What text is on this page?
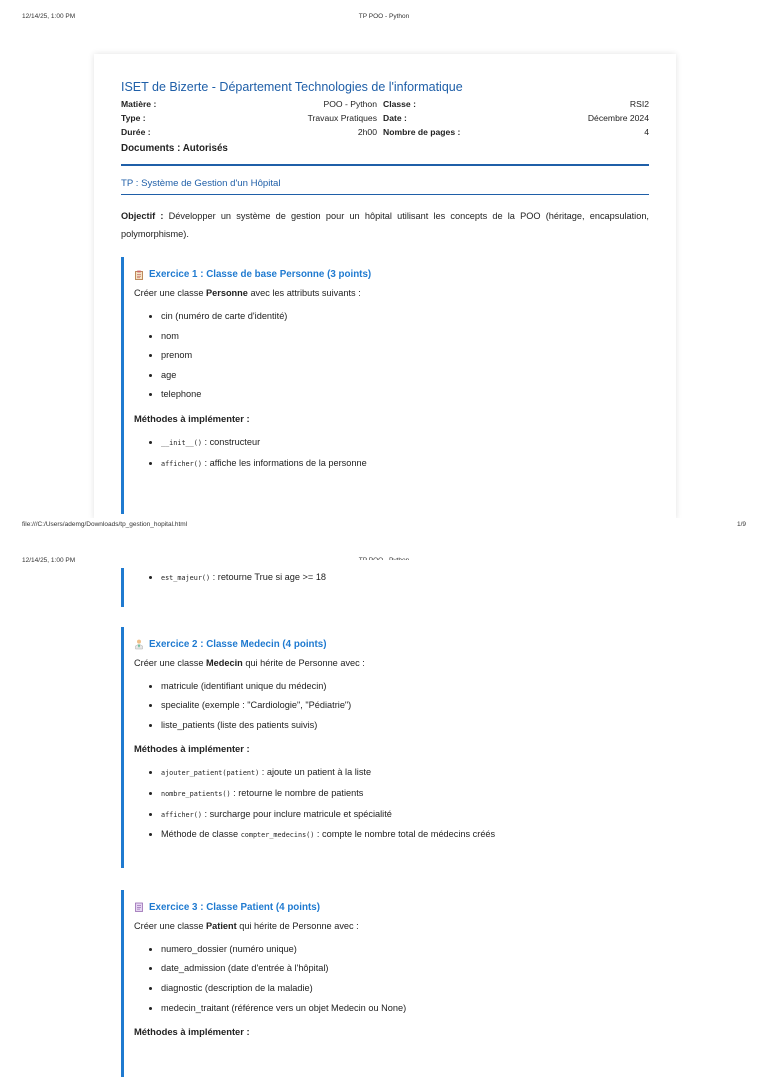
12/14/25, 1:00 PM	TP POO - Python
ISET de Bizerte - Département Technologies de l'informatique
Matière :	POO - Python Classe :	RSI2
Type :	Travaux Pratiques Date :	Décembre 2024
Durée :	2h00 Nombre de pages :	4
Documents : Autorisés
TP : Système de Gestion d'un Hôpital

Objectif : Développer un système de gestion pour un hôpital utilisant les concepts de la POO (héritage, encapsulation, polymorphisme).

Exercice 1 : Classe de base Personne (3 points)

Créer une classe Personne avec les attributs suivants :

• cin (numéro de carte d'identité)
• nom
• prenom
• age
• telephone
Méthodes à implémenter :
• __init__() : constructeur
• afficher() : affiche les informations de la personne
file:///C:/Users/ademg/Downloads/tp_gestion_hopital.html	1/9
12/14/25, 1:00 PM
• est_majeur() : retourne True si age >= 18
Exercice 2 : Classe Medecin (4 points)

Créer une classe Medecin qui hérite de Personne avec :

• matricule (identifiant unique du médecin)
• specialite (exemple : "Cardiologie", "Pédiatrie")
• liste_patients (liste des patients suivis)
Méthodes à implémenter :
• ajouter_patient(patient) : ajoute un patient à la liste
• nombre_patients() : retourne le nombre de patients
• afficher() : surcharge pour inclure matricule et spécialité
• Méthode de classe compter_medecins() : compte le nombre total de médecins créés
Exercice 3 : Classe Patient (4 points)

Créer une classe Patient qui hérite de Personne avec :

• numero_dossier (numéro unique)
• date_admission (date d'entrée à l'hôpital)
• diagnostic (description de la maladie)
• medecin_traitant (référence vers un objet Medecin ou None)
Méthodes à implémenter :
